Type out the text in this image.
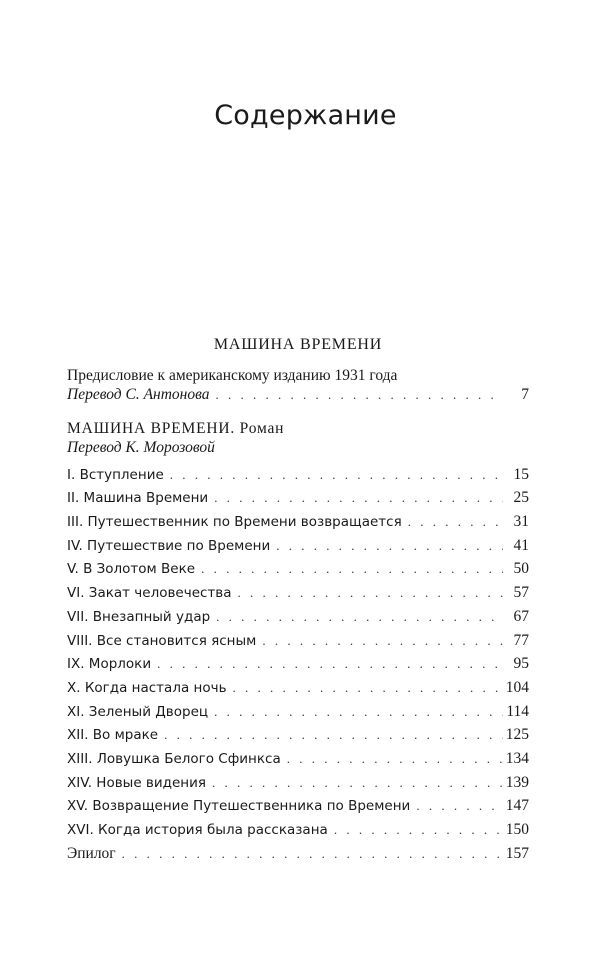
Содержание
МАШИНА ВРЕМЕНИ
Предисловие к американскому изданию 1931 года
Перевод С. Антонова . . .	7
МАШИНА ВРЕМЕНИ. Роман
Перевод К. Морозовой
I. Вступление . . .	15
II. Машина Времени . . .	25
III. Путешественник по Времени возвращается . . .	31
IV. Путешествие по Времени . . .	41
V. В Золотом Веке . . .	50
VI. Закат человечества . . .	57
VII. Внезапный удар . . .	67
VIII. Все становится ясным . . .	77
IX. Морлоки . . .	95
X. Когда настала ночь . . .	104
XI. Зеленый Дворец . . .	114
XII. Во мраке . . .	125
XIII. Ловушка Белого Сфинкса . . .	134
XIV. Новые видения . . .	139
XV. Возвращение Путешественника по Времени . . .	147
XVI. Когда история была рассказана . . .	150
Эпилог . . .	157
